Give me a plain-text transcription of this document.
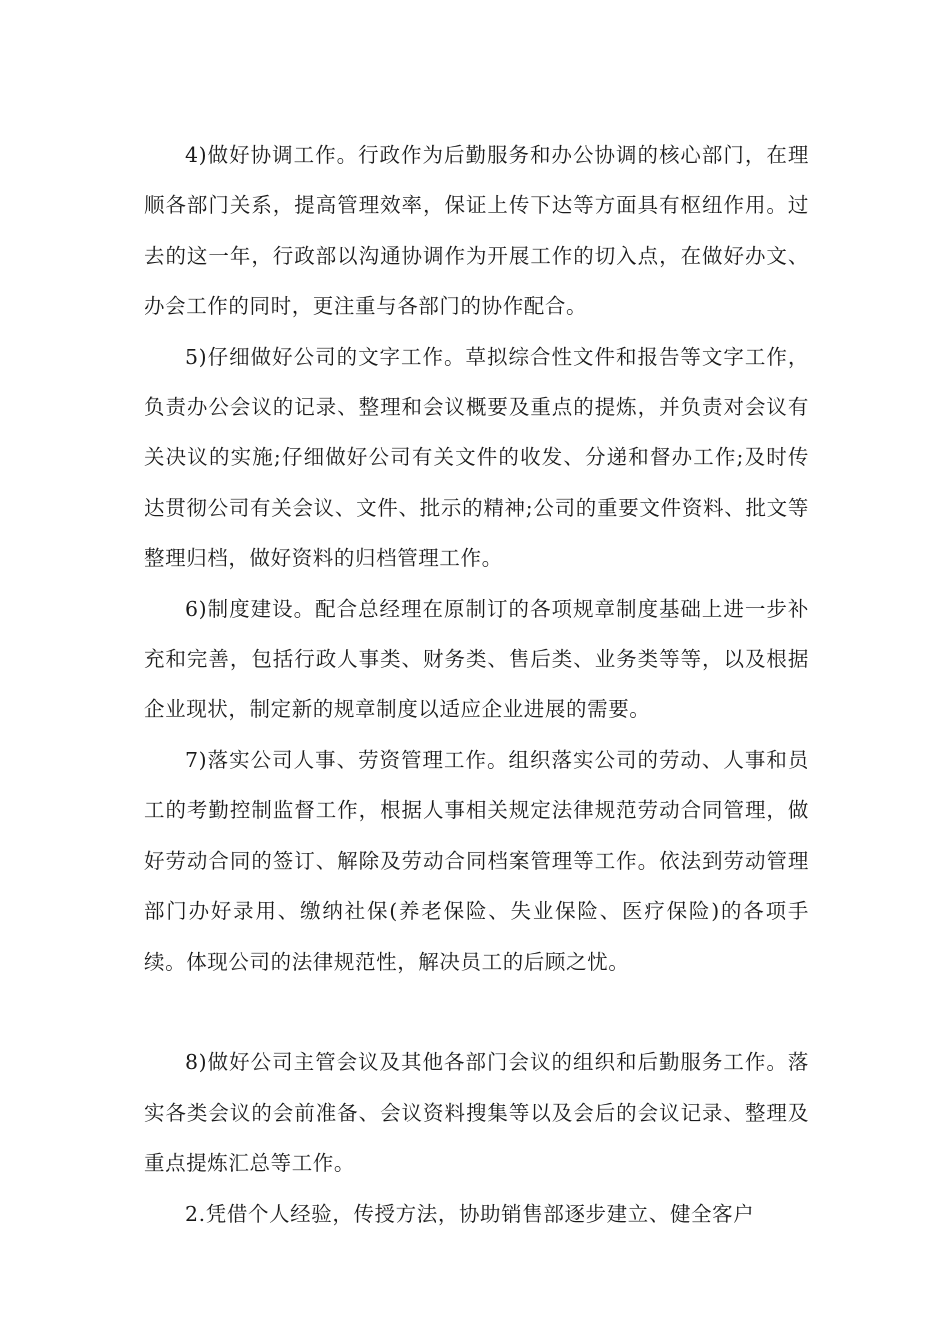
4)做好协调工作。行政作为后勤服务和办公协调的核心部门，在理顺各部门关系，提高管理效率，保证上传下达等方面具有枢纽作用。过去的这一年，行政部以沟通协调作为开展工作的切入点，在做好办文、办会工作的同时，更注重与各部门的协作配合。

5)仔细做好公司的文字工作。草拟综合性文件和报告等文字工作，负责办公会议的记录、整理和会议概要及重点的提炼，并负责对会议有关决议的实施;仔细做好公司有关文件的收发、分递和督办工作;及时传达贯彻公司有关会议、文件、批示的精神;公司的重要文件资料、批文等整理归档，做好资料的归档管理工作。

6)制度建设。配合总经理在原制订的各项规章制度基础上进一步补充和完善，包括行政人事类、财务类、售后类、业务类等等，以及根据企业现状，制定新的规章制度以适应企业进展的需要。

7)落实公司人事、劳资管理工作。组织落实公司的劳动、人事和员工的考勤控制监督工作，根据人事相关规定法律规范劳动合同管理，做好劳动合同的签订、解除及劳动合同档案管理等工作。依法到劳动管理部门办好录用、缴纳社保(养老保险、失业保险、医疗保险)的各项手续。体现公司的法律规范性，解决员工的后顾之忧。

8)做好公司主管会议及其他各部门会议的组织和后勤服务工作。落实各类会议的会前准备、会议资料搜集等以及会后的会议记录、整理及重点提炼汇总等工作。

2.凭借个人经验，传授方法，协助销售部逐步建立、健全客户
